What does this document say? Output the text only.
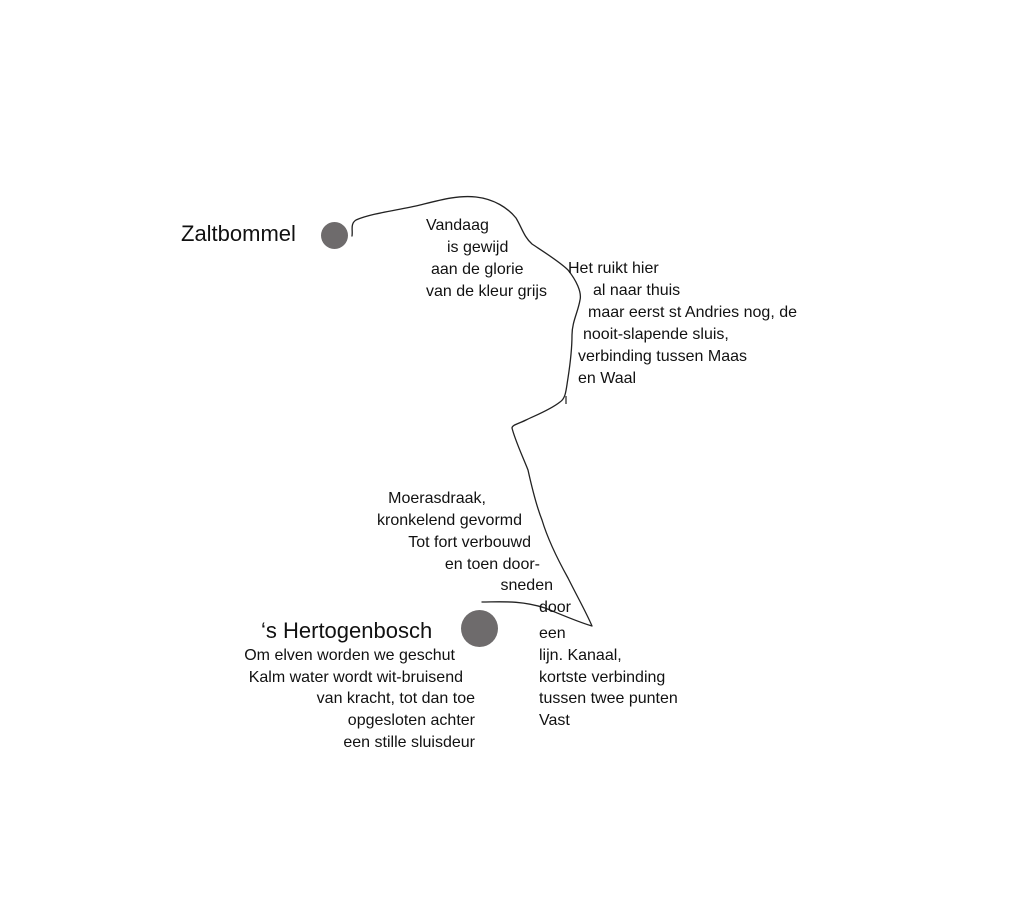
Zaltbommel
‘s Hertogenbosch
Vandaag
is gewijd
aan de glorie
van de kleur grijs
Het ruikt hier
al naar thuis
maar eerst st Andries nog, de
nooit-slapende sluis,
verbinding tussen Maas
en Waal
Moerasdraak,
kronkelend gevormd
Tot fort verbouwd
en toen door-
sneden
door
een
lijn. Kanaal,
kortste verbinding
tussen twee punten
Vast
Om elven worden we geschut
Kalm water wordt wit-bruisend
van kracht, tot dan toe
opgesloten achter
een stille sluisdeur
